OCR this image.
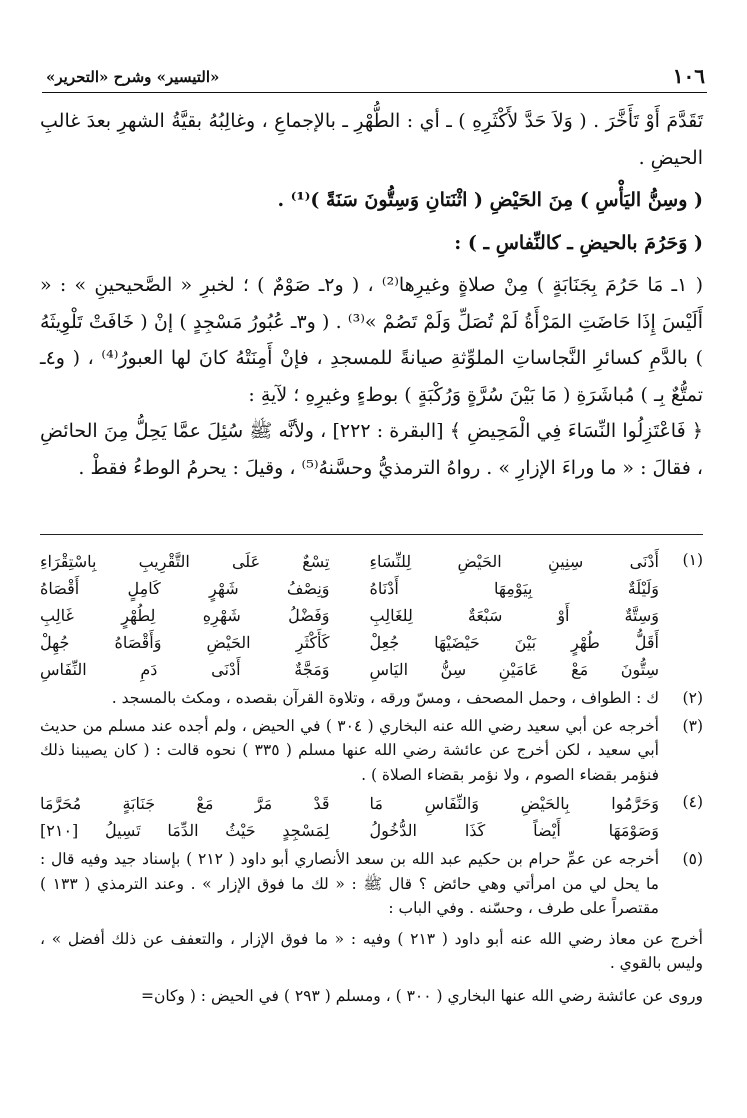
١٠٦
«التيسير» وشرح «التحرير»

تَقَدَّمَ أَوْ تَأَخَّرَ . ( وَلاَ حَدَّ لأَكْثَرِهِ ) ـ أي : الطُّهْرِ ـ بالإجماعِ ، وغالِبُهُ بقيَّةُ الشهرِ بعدَ غالبِ الحيضِ .

( وسِنُّ اليَأْسِ ) مِنَ الحَيْضِ ( اثْنَتانِ وَسِتُّونَ سَنَةً )⁽¹⁾ .

( وَحَرُمَ بالحيضِ ـ كالنِّفاسِ ـ ) :

( ١ـ مَا حَرُمَ بِجَنَابَةٍ ) مِنْ صلاةٍ وغيرِها⁽²⁾ ، ( و٢ـ صَوْمٌ ) ؛ لخبرِ « الصَّحيحينِ » : « أَلَيْسَ إِذَا حَاضَتِ المَرْأَةُ لَمْ تُصَلِّ وَلَمْ تَصُمْ »⁽³⁾ . ( و٣ـ عُبُورُ مَسْجِدٍ ) إنْ ( خَافَتْ تَلْوِيثَهُ ) بالدَّمِ كسائرِ النَّجاساتِ الملوِّثةِ صيانةً للمسجدِ ، فإنْ أَمِنَتْهُ كانَ لها العبورُ⁽⁴⁾ ، ( و٤ـ تمتُّعٌ بِـ ) مُباشَرَةِ ( مَا بَيْنَ سُرَّةٍ وَرُكْبَةٍ ) بوطءٍ وغيرِهِ ؛ لآيةِ :

﴿ فَاعْتَزِلُوا النِّسَاءَ فِي الْمَحِيضِ ﴾ [البقرة : ٢٢٢] ، ولأنَّه ﷺ سُئِلَ عمَّا يَحِلُّ مِنَ الحائضِ ، فقالَ : « ما وراءَ الإزارِ » . رواهُ الترمذيُّ وحسَّنهُ⁽⁵⁾ ، وقيلَ : يحرمُ الوطءُ فقطْ .

(١)
أَدْنَى سِنِينِ الحَيْضِ لِلنِّسَاءِ
تِسْعٌ عَلَى التَّقْرِيبِ بِاسْتِقْرَاءِ
وَلَيْلَةٌ بِيَوْمِهَا أَدْنَاهُ
وَنِصْفُ شَهْرٍ كَامِلٍ أَقْصَاهُ
وَسِتَّةٌ أَوْ سَبْعَةٌ لِلغَالِبِ
وَفَضْلُ شَهْرِهِ لِطُهْرٍ غَالِبِ
أَقَلُّ طُهْرٍ بَيْنَ حَيْضَيْهَا جُعِلْ
كَأَكْثَرِ الحَيْضِ وَأَقْصَاهُ جُهِلْ
سِتُّونَ مَعْ عَامَيْنِ سِنُّ اليَاسِ
وَمَجَّةٌ أَدْنَى دَمِ النِّفَاسِ
(٢)
ك : الطواف ، وحمل المصحف ، ومسّ ورقه ، وتلاوة القرآن بقصده ، ومكث بالمسجد .
(٣)
أخرجه عن أبي سعيد رضي الله عنه البخاري ( ٣٠٤ ) في الحيض ، ولم أجده عند مسلم من حديث أبي سعيد ، لكن أخرج عن عائشة رضي الله عنها مسلم ( ٣٣٥ ) نحوه قالت : ( كان يصيبنا ذلك فنؤمر بقضاء الصوم ، ولا نؤمر بقضاء الصلاة ) .
(٤)
وَحَرَّمُوا بِالحَيْضِ وَالنِّفَاسِ مَا
قَدْ مَرَّ مَعْ جَنَابَةٍ مُحَرَّمَا
وَصَوْمَهَا أَيْضاً كَذَا الدُّخُولُ
لِمَسْجِدٍ حَيْثُ الدِّمَا تَسِيلُ [٢١٠]
(٥)
أخرجه عن عمِّ حرام بن حكيم عبد الله بن سعد الأنصاري أبو داود ( ٢١٢ ) بإسناد جيد وفيه قال : ما يحل لي من امرأتي وهي حائض ؟ قال ﷺ : « لك ما فوق الإزار » . وعند الترمذي ( ١٣٣ ) مقتصراً على طرف ، وحسّنه . وفي الباب :

أخرج عن معاذ رضي الله عنه أبو داود ( ٢١٣ ) وفيه : « ما فوق الإزار ، والتعفف عن ذلك أفضل » ، وليس بالقوي .

وروى عن عائشة رضي الله عنها البخاري ( ٣٠٠ ) ، ومسلم ( ٢٩٣ ) في الحيض : ( وكان=
